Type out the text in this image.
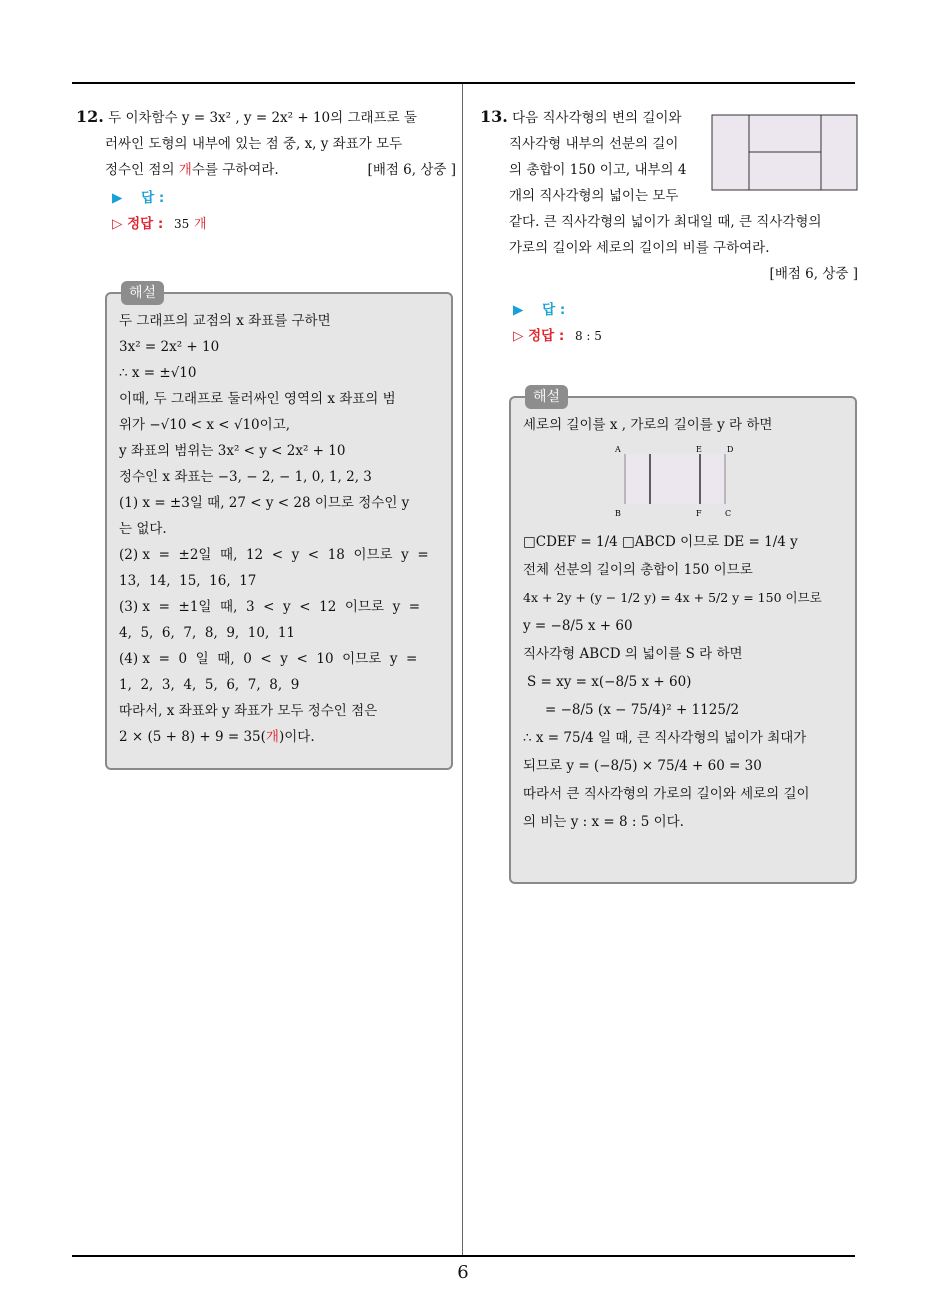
12. 두 이차함수 y = 3x² , y = 2x² + 10의 그래프로 둘
러싸인 도형의 내부에 있는 점 중, x, y 좌표가 모두
정수인 점의 개수를 구하여라.	[배점 6, 상중 ]
▶ 답 :
▷ 정답 : 35 개
해설
두 그래프의 교점의 x 좌표를 구하면
3x² = 2x² + 10
∴ x = ±√10
이때, 두 그래프로 둘러싸인 영역의 x 좌표의 범
위가 −√10 < x < √10이고,
y 좌표의 범위는 3x² < y < 2x² + 10
정수인 x 좌표는 −3, − 2, − 1, 0, 1, 2, 3
(1) x = ±3일 때, 27 < y < 28 이므로 정수인 y
는 없다.
(2) x  =  ±2일  때,  12  <  y  <  18  이므로  y  =
13,  14,  15,  16,  17
(3) x  =  ±1일  때,  3  <  y  <  12  이므로  y  =
4,  5,  6,  7,  8,  9,  10,  11
(4) x  =  0  일  때,  0  <  y  <  10  이므로  y  =
1,  2,  3,  4,  5,  6,  7,  8,  9
따라서, x 좌표와 y 좌표가 모두 정수인 점은
2 × (5 + 8) + 9 = 35(개)이다.
13. 다음 직사각형의 변의 길이와
직사각형 내부의 선분의 길이
의 총합이 150 이고, 내부의 4
개의 직사각형의 넓이는 모두
같다. 큰 직사각형의 넓이가 최대일 때, 큰 직사각형의
가로의 길이와 세로의 길이의 비를 구하여라.
[배점 6, 상중 ]
▶ 답 :
▷ 정답 : 8 : 5
해설
세로의 길이를 x , 가로의 길이를 y 라 하면
A	E	D
B	F	C
□CDEF = 1/4 □ABCD 이므로 DE = 1/4 y
전체 선분의 길이의 총합이 150 이므로
4x + 2y + (y − 1/2 y) = 4x + 5/2 y = 150 이므로
y = −8/5 x + 60
직사각형 ABCD 의 넓이를 S 라 하면
S = xy = x(−8/5 x + 60)
= −8/5 (x − 75/4)² + 1125/2
∴ x = 75/4 일 때, 큰 직사각형의 넓이가 최대가
되므로 y = (−8/5) × 75/4 + 60 = 30
따라서 큰 직사각형의 가로의 길이와 세로의 길이
의 비는 y : x = 8 : 5 이다.
6
